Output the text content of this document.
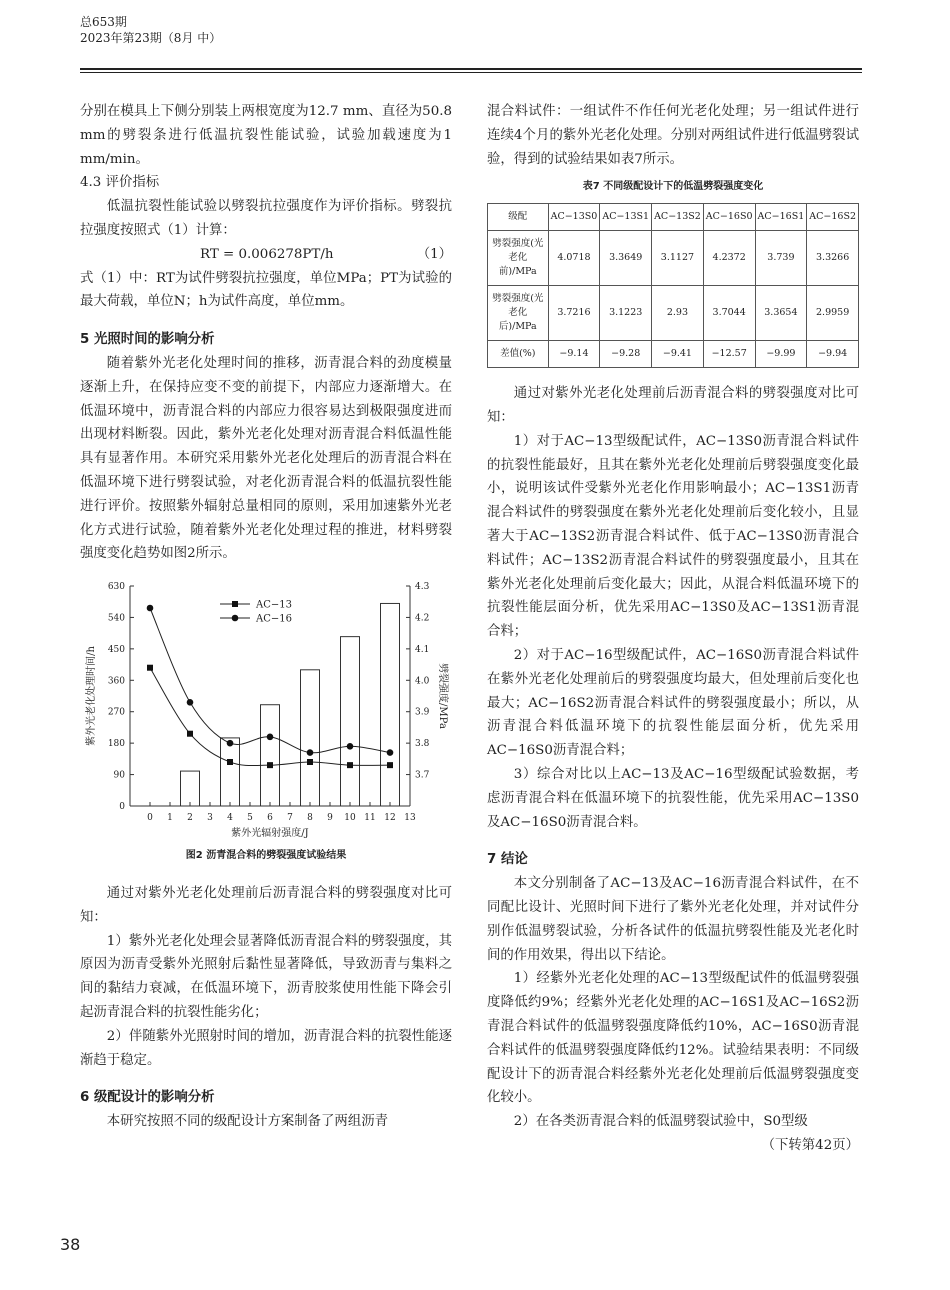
总653期
2023年第23期（8月 中）

分别在模具上下侧分别装上两根宽度为12.7 mm、直径为50.8 mm的劈裂条进行低温抗裂性能试验，试验加载速度为1 mm/min。

4.3 评价指标

低温抗裂性能试验以劈裂抗拉强度作为评价指标。劈裂抗拉强度按照式（1）计算：

RT = 0.006278PT/h	（1）

式（1）中：RT为试件劈裂抗拉强度，单位MPa；PT为试验的最大荷载，单位N；h为试件高度，单位mm。

5 光照时间的影响分析

随着紫外光老化处理时间的推移，沥青混合料的劲度模量逐渐上升，在保持应变不变的前提下，内部应力逐渐增大。在低温环境中，沥青混合料的内部应力很容易达到极限强度进而出现材料断裂。因此，紫外光老化处理对沥青混合料低温性能具有显著作用。本研究采用紫外光老化处理后的沥青混合料在低温环境下进行劈裂试验，对老化沥青混合料的低温抗裂性能进行评价。按照紫外辐射总量相同的原则，采用加速紫外光老化方式进行试验，随着紫外光老化处理过程的推进，材料劈裂强度变化趋势如图2所示。

0
90
180
270
360
450
540
630
3.7
3.8
3.9
4.0
4.1
4.2
4.3
0 1 2 3 4 5 6 7 8 9 10 11 12 13
紫外光辐射强度/J
紫外光老化处理时间/h	劈裂强度/MPa
AC−13
AC−16
图2 沥青混合料的劈裂强度试验结果

通过对紫外光老化处理前后沥青混合料的劈裂强度对比可知：

1）紫外光老化处理会显著降低沥青混合料的劈裂强度，其原因为沥青受紫外光照射后黏性显著降低，导致沥青与集料之间的黏结力衰减，在低温环境下，沥青胶浆使用性能下降会引起沥青混合料的抗裂性能劣化；

2）伴随紫外光照射时间的增加，沥青混合料的抗裂性能逐渐趋于稳定。

6 级配设计的影响分析

本研究按照不同的级配设计方案制备了两组沥青

混合料试件：一组试件不作任何光老化处理；另一组试件进行连续4个月的紫外光老化处理。分别对两组试件进行低温劈裂试验，得到的试验结果如表7所示。

表7 不同级配设计下的低温劈裂强度变化
级配	AC−13S0	AC−13S1	AC−13S2	AC−16S0	AC−16S1	AC−16S2
劈裂强度(光老化前)/MPa	4.0718	3.3649	3.1127	4.2372	3.739	3.3266
劈裂强度(光老化后)/MPa	3.7216	3.1223	2.93	3.7044	3.3654	2.9959
差值(%)	−9.14	−9.28	−9.41	−12.57	−9.99	−9.94

通过对紫外光老化处理前后沥青混合料的劈裂强度对比可知：

1）对于AC−13型级配试件，AC−13S0沥青混合料试件的抗裂性能最好，且其在紫外光老化处理前后劈裂强度变化最小，说明该试件受紫外光老化作用影响最小；AC−13S1沥青混合料试件的劈裂强度在紫外光老化处理前后变化较小，且显著大于AC−13S2沥青混合料试件、低于AC−13S0沥青混合料试件；AC−13S2沥青混合料试件的劈裂强度最小，且其在紫外光老化处理前后变化最大；因此，从混合料低温环境下的抗裂性能层面分析，优先采用AC−13S0及AC−13S1沥青混合料；

2）对于AC−16型级配试件，AC−16S0沥青混合料试件在紫外光老化处理前后的劈裂强度均最大，但处理前后变化也最大；AC−16S2沥青混合料试件的劈裂强度最小；所以，从沥青混合料低温环境下的抗裂性能层面分析，优先采用AC−16S0沥青混合料；

3）综合对比以上AC−13及AC−16型级配试验数据，考虑沥青混合料在低温环境下的抗裂性能，优先采用AC−13S0及AC−16S0沥青混合料。

7 结论

本文分别制备了AC−13及AC−16沥青混合料试件，在不同配比设计、光照时间下进行了紫外光老化处理，并对试件分别作低温劈裂试验，分析各试件的低温抗劈裂性能及光老化时间的作用效果，得出以下结论。

1）经紫外光老化处理的AC−13型级配试件的低温劈裂强度降低约9%；经紫外光老化处理的AC−16S1及AC−16S2沥青混合料试件的低温劈裂强度降低约10%，AC−16S0沥青混合料试件的低温劈裂强度降低约12%。试验结果表明：不同级配设计下的沥青混合料经紫外光老化处理前后低温劈裂强度变化较小。

2）在各类沥青混合料的低温劈裂试验中，S0型级

（下转第42页）

38
